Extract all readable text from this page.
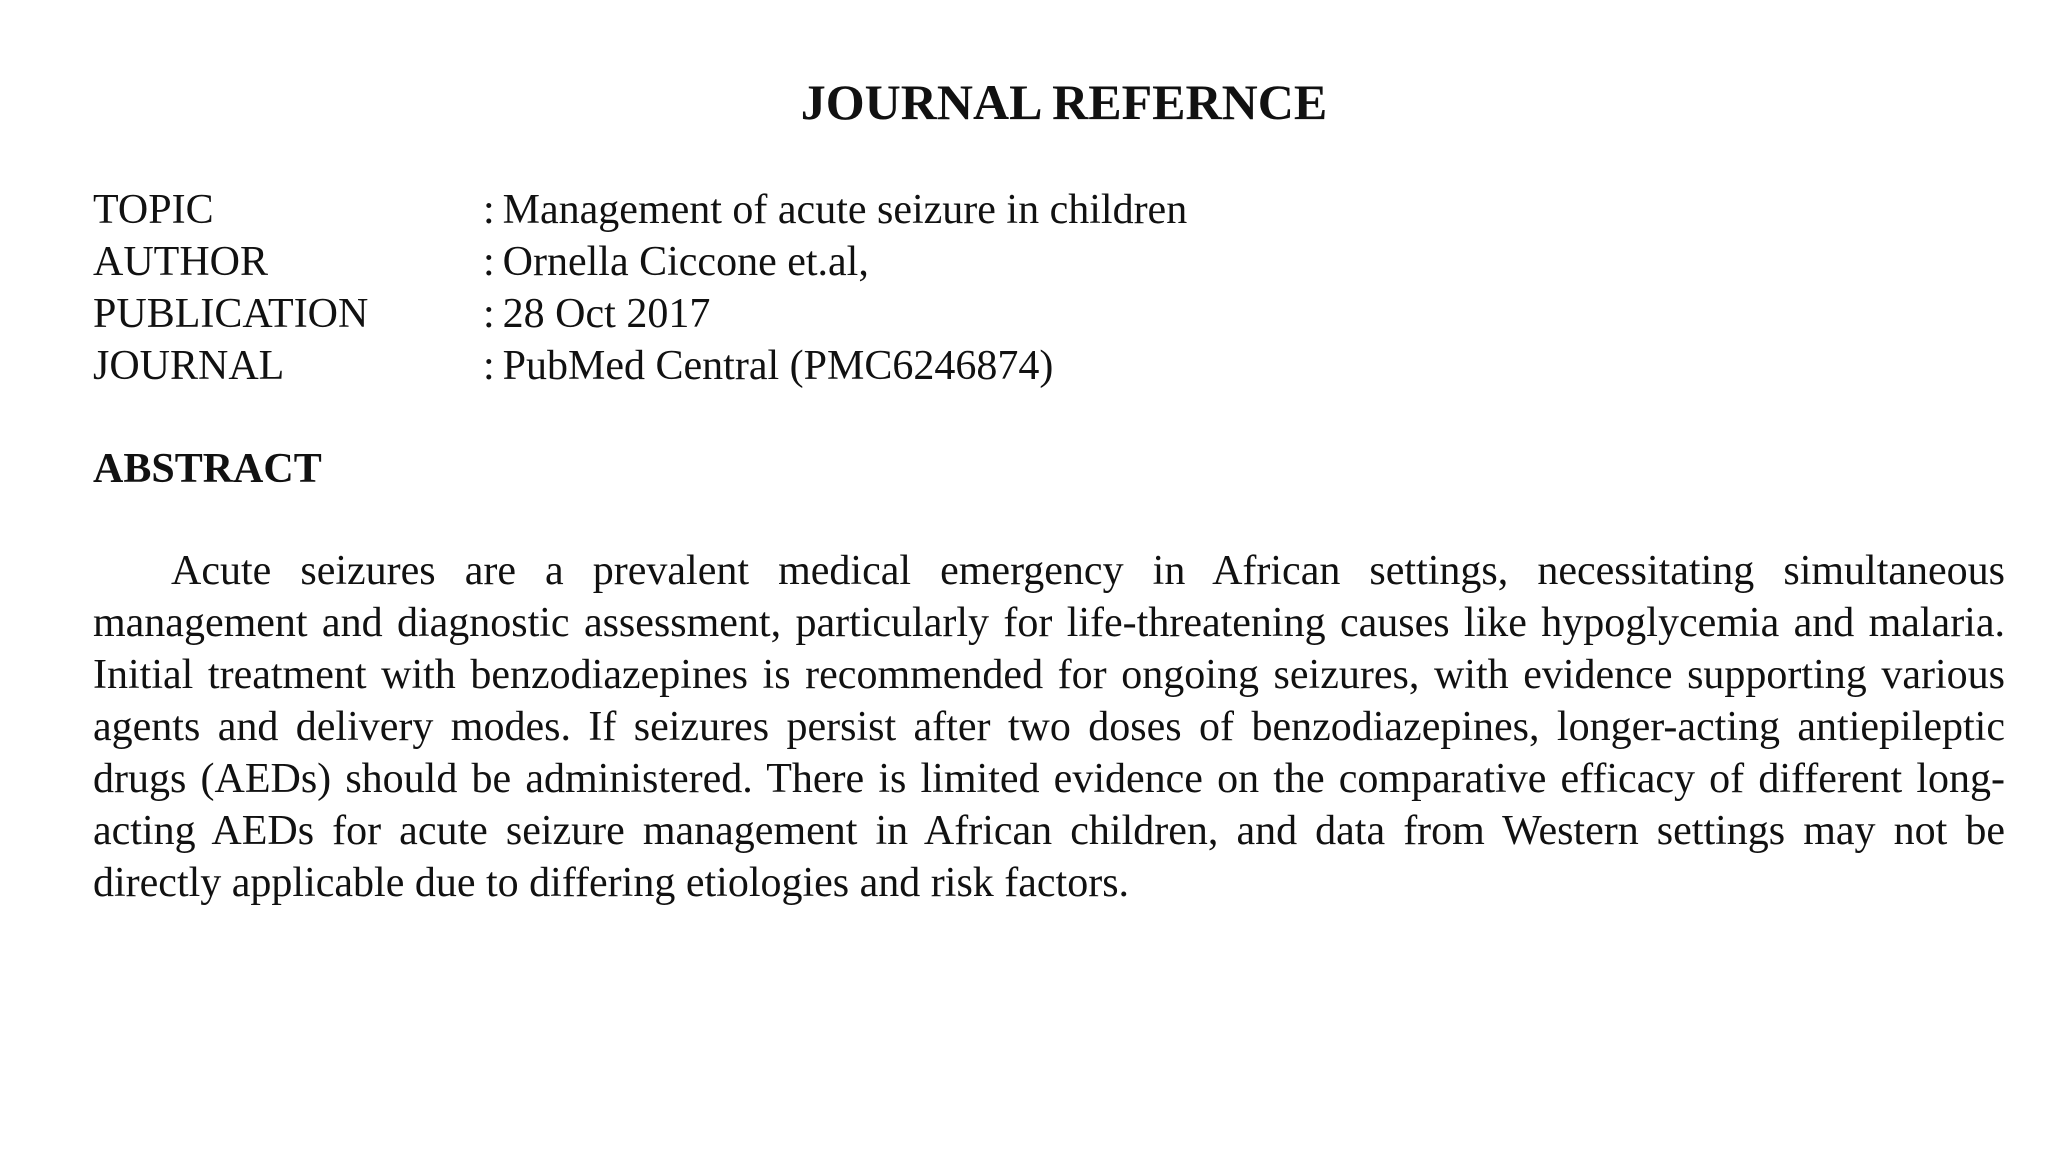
JOURNAL REFERNCE
TOPIC	: Management of acute seizure in children
AUTHOR	: Ornella Ciccone et.al,
PUBLICATION	: 28 Oct 2017
JOURNAL	: PubMed Central (PMC6246874)
ABSTRACT

Acute seizures are a prevalent medical emergency in African settings, necessitating simultaneous management and diagnostic assessment, particularly for life-threatening causes like hypoglycemia and malaria. Initial treatment with benzodiazepines is recommended for ongoing seizures, with evidence supporting various agents and delivery modes. If seizures persist after two doses of benzodiazepines, longer-acting antiepileptic drugs (AEDs) should be administered. There is limited evidence on the comparative efficacy of different long-acting AEDs for acute seizure management in African children, and data from Western settings may not be directly applicable due to differing etiologies and risk factors.
